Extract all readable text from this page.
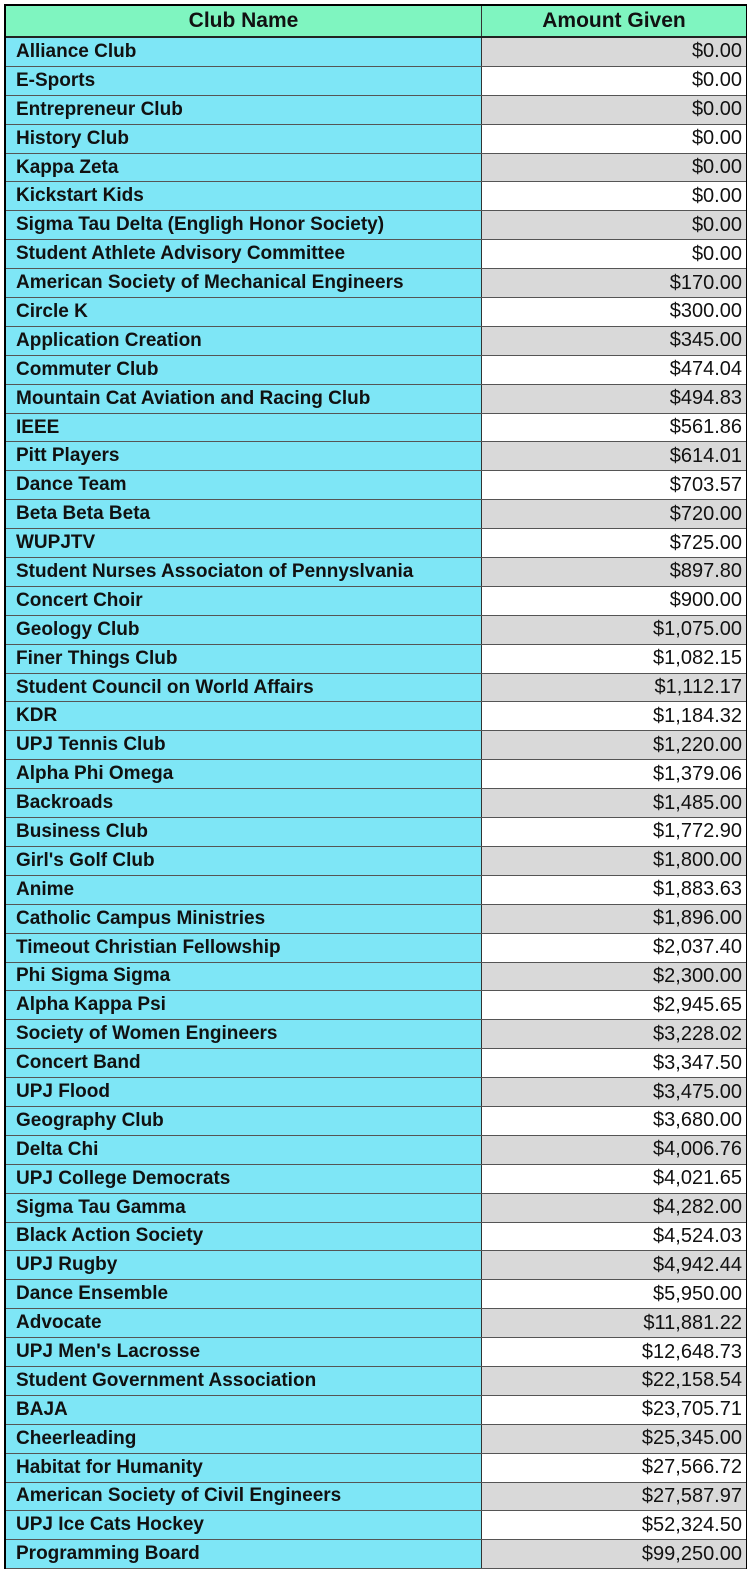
Club Name	Amount Given
Alliance Club	$0.00
E-Sports	$0.00
Entrepreneur Club	$0.00
History Club	$0.00
Kappa Zeta	$0.00
Kickstart Kids	$0.00
Sigma Tau Delta (Engligh Honor Society)	$0.00
Student Athlete Advisory Committee	$0.00
American Society of Mechanical Engineers	$170.00
Circle K	$300.00
Application Creation	$345.00
Commuter Club	$474.04
Mountain Cat Aviation and Racing Club	$494.83
IEEE	$561.86
Pitt Players	$614.01
Dance Team	$703.57
Beta Beta Beta	$720.00
WUPJTV	$725.00
Student Nurses Associaton of Pennyslvania	$897.80
Concert Choir	$900.00
Geology Club	$1,075.00
Finer Things Club	$1,082.15
Student Council on World Affairs	$1,112.17
KDR	$1,184.32
UPJ Tennis Club	$1,220.00
Alpha Phi Omega	$1,379.06
Backroads	$1,485.00
Business Club	$1,772.90
Girl's Golf Club	$1,800.00
Anime	$1,883.63
Catholic Campus Ministries	$1,896.00
Timeout Christian Fellowship	$2,037.40
Phi Sigma Sigma	$2,300.00
Alpha Kappa Psi	$2,945.65
Society of Women Engineers	$3,228.02
Concert Band	$3,347.50
UPJ Flood	$3,475.00
Geography Club	$3,680.00
Delta Chi	$4,006.76
UPJ College Democrats	$4,021.65
Sigma Tau Gamma	$4,282.00
Black Action Society	$4,524.03
UPJ Rugby	$4,942.44
Dance Ensemble	$5,950.00
Advocate	$11,881.22
UPJ Men's Lacrosse	$12,648.73
Student Government Association	$22,158.54
BAJA	$23,705.71
Cheerleading	$25,345.00
Habitat for Humanity	$27,566.72
American Society of Civil Engineers	$27,587.97
UPJ Ice Cats Hockey	$52,324.50
Programming Board	$99,250.00
